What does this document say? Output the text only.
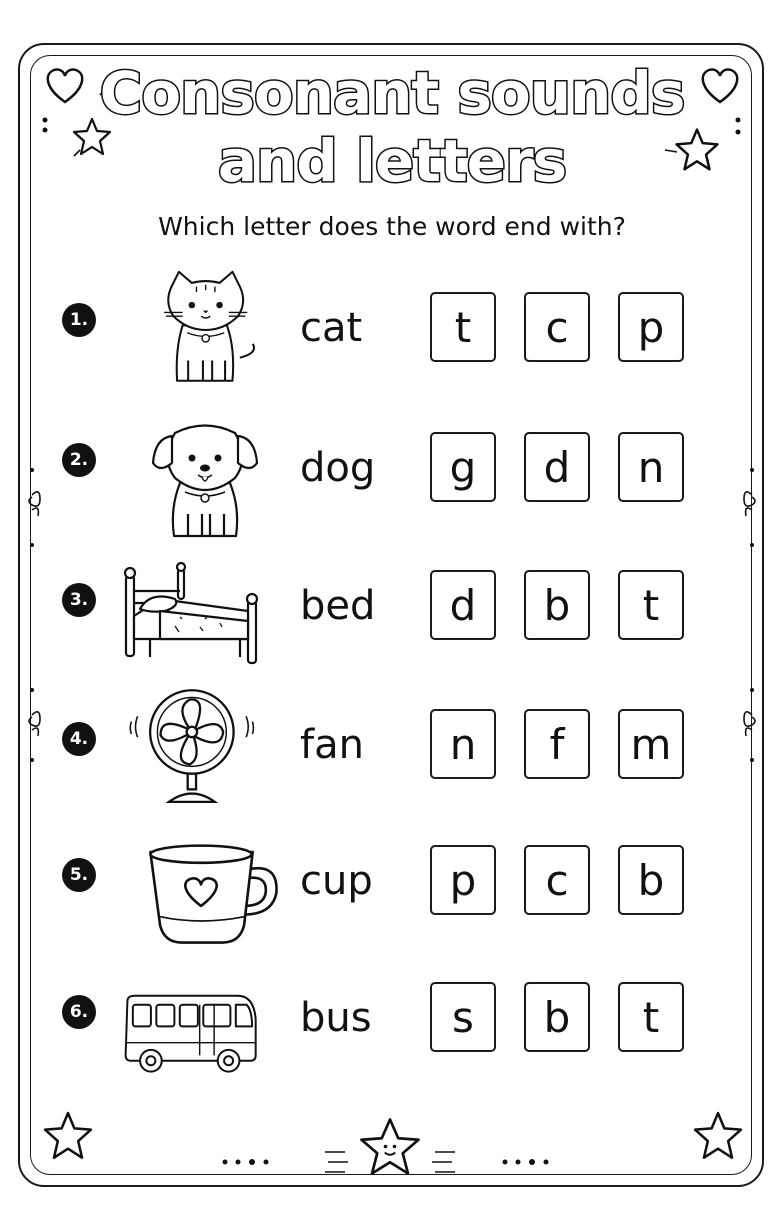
Consonant sounds
and letters
Which letter does the word end with?
1.	cat	t	c	p
2.	dog	g	d	n
3.	bed	d	b	t
4.	fan	n	f	m
5.	cup	p	c	b
6.	bus	s	b	t
